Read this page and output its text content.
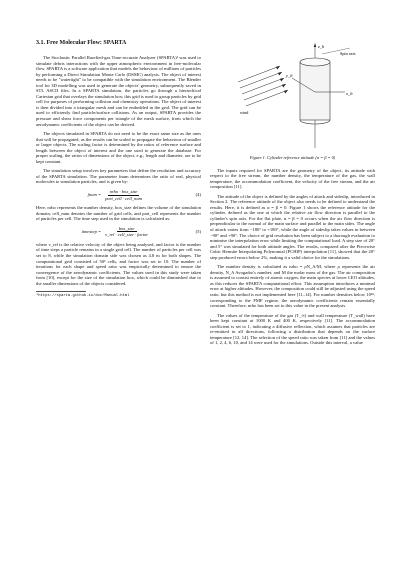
3.1. Free Molecular Flow: SPARTA

The Stochastic Parallel Rarefied-gas Time-accurate Analyzer (SPARTA)¹ was used to simulate debris interactions with the upper atmospheric environment in free-molecular flow. SPARTA is a software application that models the behaviour of millions of particles by performing a Direct Simulation Monte Carlo (DSMC) analysis. The object of interest needs to be "watertight" to be compatible with the simulation environment. The Blender tool for 3D modelling was used to generate the objects' geometry, subsequently saved in STL ASCII files. In a SPARTA simulation, the particles go through a hierarchical Cartesian grid that overlays the simulation box; this grid is used to group particles by grid cell for purposes of performing collision and chemistry operations. The object of interest is then divided into a triangular mesh and can be embedded in the grid. The grid can be used to efficiently find particle/surface collisions. As an output, SPARTA provides the pressure and shear force components per triangle of the mesh surface, from which the aerodynamic coefficients of the object can be derived.

The objects simulated in SPARTA do not need to be the exact same size as the ones that will be propagated, as the results can be scaled to propagate the behaviour of smaller or larger objects. The scaling factor is determined by the ratios of reference surface and length between the object of interest and the one used to generate the database. For proper scaling, the ratios of dimensions of the object, e.g., length and diameter, are to be kept constant.

The simulation setup involves key parameters that define the resolution and accuracy of the SPARTA simulation. The parameter fnum determines the ratio of real, physical molecules to simulation particles, and is given by:

fnum = $\frac{\text{nrho · box\_size}}{\text{part\_cell · cell\_num}}$	(4)

Here, nrho represents the number density, box_size defines the volume of the simulation domain, cell_num denotes the number of grid cells, and part_cell represents the number of particles per cell. The time step used in the simulation is calculated as:

timestep = $\frac{\text{box\_size}}{\text{v\_rel · cell\_size · factor}}$	(5)

where v_rel is the relative velocity of the object being analysed, and factor is the number of time steps a particle remains in a single grid cell. The number of particles per cell was set to 8, while the simulation domain side was chosen as 4.8 m for both shapes. The computational grid consisted of 50³ cells, and factor was set to 10. The number of iterations for each shape and speed ratio was empirically determined to ensure the convergence of the aerodynamic coefficients. The values used in this study were taken from [10], except for the size of the simulation box, which could be diminished due to the smaller dimensions of the objects considered.

¹https://sparta.github.io/doc/Manual.html
z_b
x_b
y_b
wind
Spin axis
Figure 1. Cylinder reference attitude (α = β = 0)

The inputs required for SPARTA are the geometry of the object, its attitude with respect to the free stream, the number density, the temperature of the gas, the wall temperature, the accommodation coefficient, the velocity of the free stream, and the air composition [11].

The attitude of the object is defined by the angles of attack and sideslip, introduced in Section 2. The reference attitude of the object also needs to be defined to understand the results. Here, it is defined as α = β = 0. Figure 1 shows the reference attitude for the cylinder, defined as the one at which the relative air flow direction is parallel to the cylinder's spin axis. For the flat plate, α = β = 0 occurs when the air flow direction is perpendicular to the normal of the main surface and parallel to the main sides. The angle of attack varies from −180° to +180°, while the angle of sideslip takes values in between −90° and +90°. The choice of grid resolution has been subject to a thorough evaluation to minimise the interpolation error while limiting the computational load. A step size of 20° and 5° was simulated for both attitude angles. The results, compared after the Piecewise Cubic Hermite Interpolating Polynomial (PCHIP) interpolation [11], showed that the 20° step produced errors below 2%, making it a valid choice for the simulations.

The number density is calculated as nrho = ρN_A/M, where ρ represents the air density, N_A Avogadro's number, and M the molar mass of the gas. The air composition is assumed to consist entirely of atomic oxygen, the main species at lower LEO altitudes, as this reduces the SPARTA computational effort. This assumption introduces a minimal error at higher altitudes. However, the composition could still be adjusted using the speed ratio, but this method is not implemented here [11–14]. For number densities below 10¹⁸, corresponding to the FMF regime, the aerodynamic coefficients remain essentially constant. Therefore, nrho has been set to this value in the present analysis.

The values of the temperature of the gas (T_∞) and wall temperature (T_wall) have been kept constant at 1000 K and 400 K, respectively [11]. The accommodation coefficient is set to 1, indicating a diffusive reflection, which assumes that particles are re-emitted in all directions, following a distribution that depends on the surface temperature [12, 14]. The selection of the speed ratio was taken from [11] and the values of 1, 2, 4, 6, 10, and 14 were used for the simulations. Outside this interval, a value
